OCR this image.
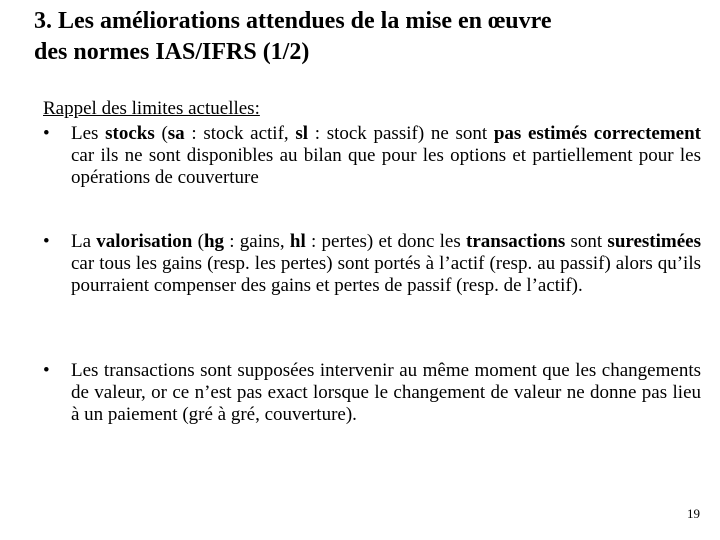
3. Les améliorations attendues de la mise en œuvre
des normes IAS/IFRS (1/2)
Rappel des limites actuelles:
•	Les stocks (sa : stock actif, sl : stock passif) ne sont pas estimés correctement car ils ne sont disponibles au bilan que pour les options et partiellement pour les opérations de couverture
•	La valorisation (hg : gains, hl : pertes) et donc les transactions sont surestimées car tous les gains (resp. les pertes) sont portés à l’actif (resp. au passif) alors qu’ils pourraient compenser des gains et pertes de passif (resp. de l’actif).
•	Les transactions sont supposées intervenir au même moment que les changements de valeur, or ce n’est pas exact lorsque le changement de valeur ne donne pas lieu à un paiement (gré à gré, couverture).
19
